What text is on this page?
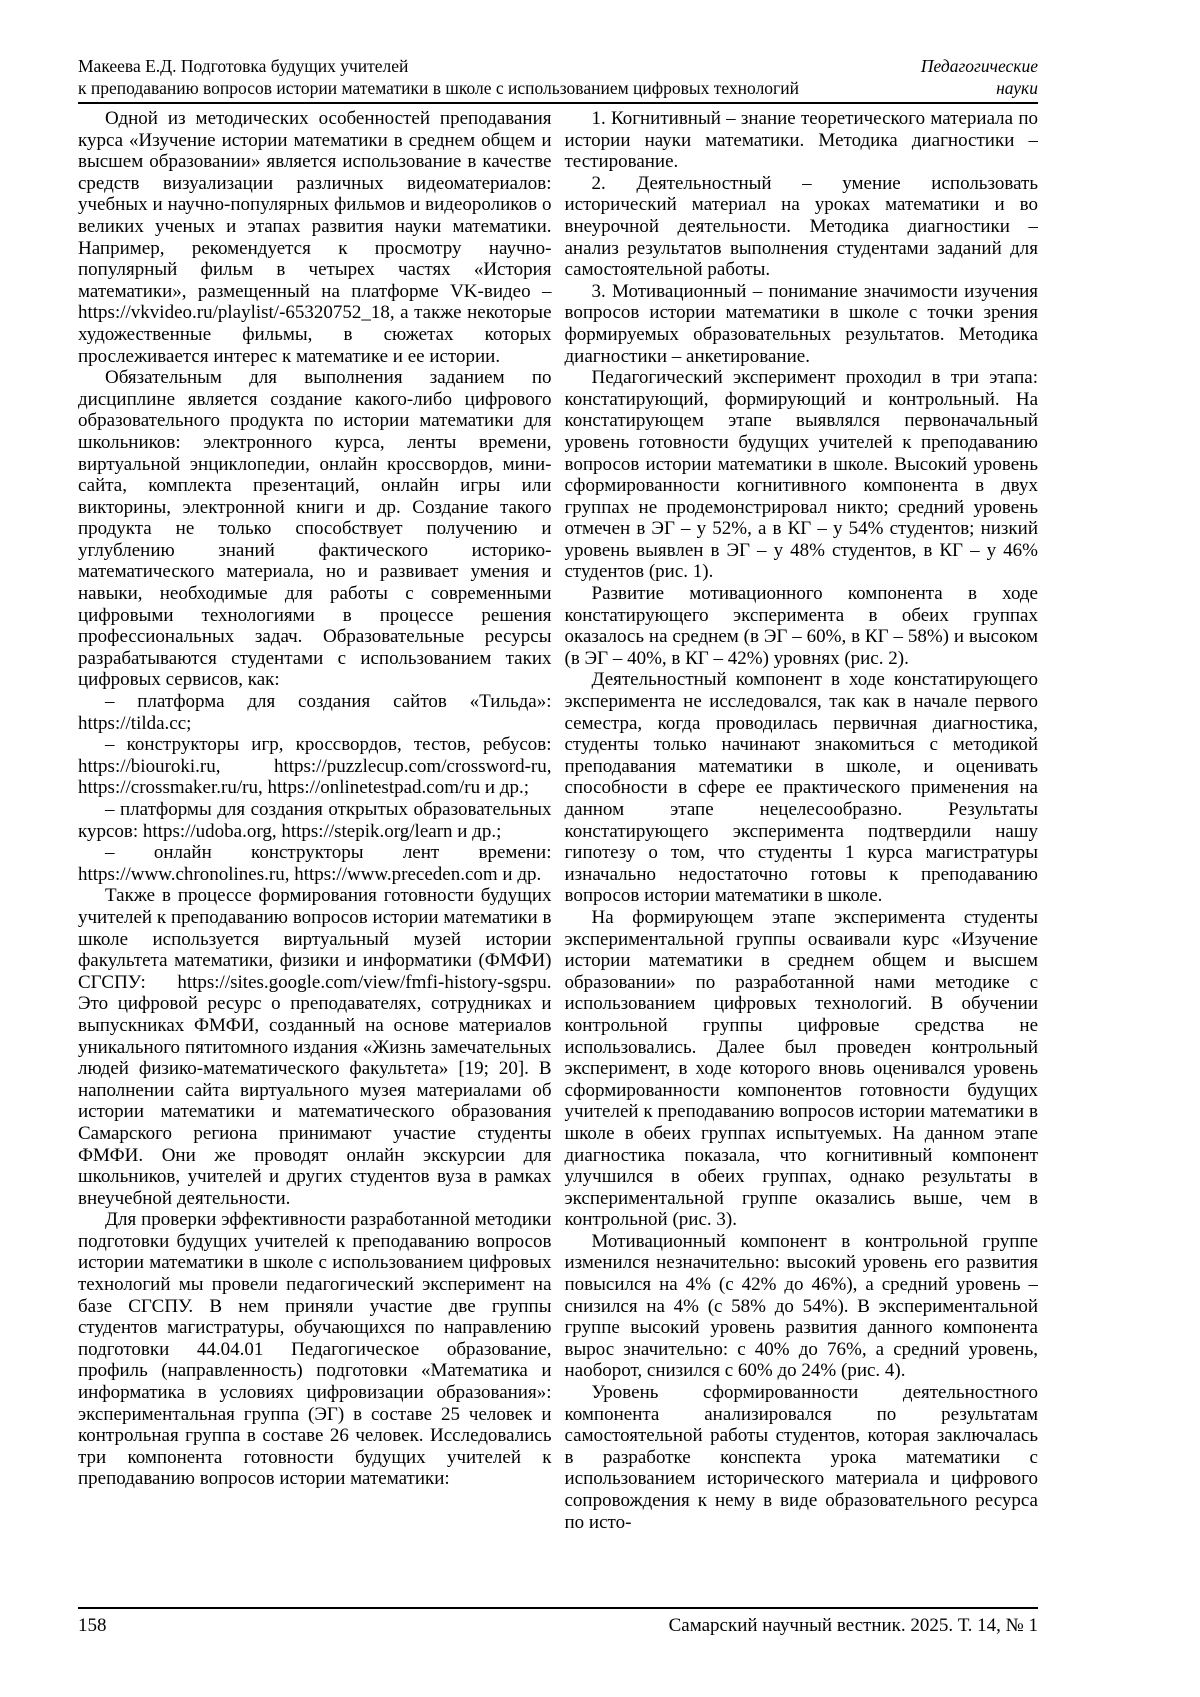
Макеева Е.Д. Подготовка будущих учителей
к преподаванию вопросов истории математики в школе с использованием цифровых технологий
Педагогические
науки

Одной из методических особенностей преподавания курса «Изучение истории математики в среднем общем и высшем образовании» является использование в качестве средств визуализации различных видеоматериалов: учебных и научно-популярных фильмов и видеороликов о великих ученых и этапах развития науки математики. Например, рекомендуется к просмотру научно-популярный фильм в четырех частях «История математики», размещенный на платформе VK-видео – https://vkvideo.ru/playlist/-65320752_18, а также некоторые художественные фильмы, в сюжетах которых прослеживается интерес к математике и ее истории.

Обязательным для выполнения заданием по дисциплине является создание какого-либо цифрового образовательного продукта по истории математики для школьников: электронного курса, ленты времени, виртуальной энциклопедии, онлайн кроссвордов, мини-сайта, комплекта презентаций, онлайн игры или викторины, электронной книги и др. Создание такого продукта не только способствует получению и углублению знаний фактического историко-математического материала, но и развивает умения и навыки, необходимые для работы с современными цифровыми технологиями в процессе решения профессиональных задач. Образовательные ресурсы разрабатываются студентами с использованием таких цифровых сервисов, как:

– платформа для создания сайтов «Тильда»: https://tilda.cc;

– конструкторы игр, кроссвордов, тестов, ребусов: https://biouroki.ru, https://puzzlecup.com/crossword-ru, https://crossmaker.ru/ru, https://onlinetestpad.com/ru и др.;

– платформы для создания открытых образовательных курсов: https://udoba.org, https://stepik.org/learn и др.;

– онлайн конструкторы лент времени: https://www.chronolines.ru, https://www.preceden.com и др.

Также в процессе формирования готовности будущих учителей к преподаванию вопросов истории математики в школе используется виртуальный музей истории факультета математики, физики и информатики (ФМФИ) СГСПУ: https://sites.google.com/view/fmfi-history-sgspu. Это цифровой ресурс о преподавателях, сотрудниках и выпускниках ФМФИ, созданный на основе материалов уникального пятитомного издания «Жизнь замечательных людей физико-математического факультета» [19; 20]. В наполнении сайта виртуального музея материалами об истории математики и математического образования Самарского региона принимают участие студенты ФМФИ. Они же проводят онлайн экскурсии для школьников, учителей и других студентов вуза в рамках внеучебной деятельности.

Для проверки эффективности разработанной методики подготовки будущих учителей к преподаванию вопросов истории математики в школе с использованием цифровых технологий мы провели педагогический эксперимент на базе СГСПУ. В нем приняли участие две группы студентов магистратуры, обучающихся по направлению подготовки 44.04.01 Педагогическое образование, профиль (направленность) подготовки «Математика и информатика в условиях цифровизации образования»: экспериментальная группа (ЭГ) в составе 25 человек и контрольная группа в составе 26 человек. Исследовались три компонента готовности будущих учителей к преподаванию вопросов истории математики:

1. Когнитивный – знание теоретического материала по истории науки математики. Методика диагностики – тестирование.

2. Деятельностный – умение использовать исторический материал на уроках математики и во внеурочной деятельности. Методика диагностики – анализ результатов выполнения студентами заданий для самостоятельной работы.

3. Мотивационный – понимание значимости изучения вопросов истории математики в школе с точки зрения формируемых образовательных результатов. Методика диагностики – анкетирование.

Педагогический эксперимент проходил в три этапа: констатирующий, формирующий и контрольный. На констатирующем этапе выявлялся первоначальный уровень готовности будущих учителей к преподаванию вопросов истории математики в школе. Высокий уровень сформированности когнитивного компонента в двух группах не продемонстрировал никто; средний уровень отмечен в ЭГ – у 52%, а в КГ – у 54% студентов; низкий уровень выявлен в ЭГ – у 48% студентов, в КГ – у 46% студентов (рис. 1).

Развитие мотивационного компонента в ходе констатирующего эксперимента в обеих группах оказалось на среднем (в ЭГ – 60%, в КГ – 58%) и высоком (в ЭГ – 40%, в КГ – 42%) уровнях (рис. 2).

Деятельностный компонент в ходе констатирующего эксперимента не исследовался, так как в начале первого семестра, когда проводилась первичная диагностика, студенты только начинают знакомиться с методикой преподавания математики в школе, и оценивать способности в сфере ее практического применения на данном этапе нецелесообразно. Результаты констатирующего эксперимента подтвердили нашу гипотезу о том, что студенты 1 курса магистратуры изначально недостаточно готовы к преподаванию вопросов истории математики в школе.

На формирующем этапе эксперимента студенты экспериментальной группы осваивали курс «Изучение истории математики в среднем общем и высшем образовании» по разработанной нами методике с использованием цифровых технологий. В обучении контрольной группы цифровые средства не использовались. Далее был проведен контрольный эксперимент, в ходе которого вновь оценивался уровень сформированности компонентов готовности будущих учителей к преподаванию вопросов истории математики в школе в обеих группах испытуемых. На данном этапе диагностика показала, что когнитивный компонент улучшился в обеих группах, однако результаты в экспериментальной группе оказались выше, чем в контрольной (рис. 3).

Мотивационный компонент в контрольной группе изменился незначительно: высокий уровень его развития повысился на 4% (с 42% до 46%), а средний уровень – снизился на 4% (с 58% до 54%). В экспериментальной группе высокий уровень развития данного компонента вырос значительно: с 40% до 76%, а средний уровень, наоборот, снизился с 60% до 24% (рис. 4).

Уровень сформированности деятельностного компонента анализировался по результатам самостоятельной работы студентов, которая заключалась в разработке конспекта урока математики с использованием исторического материала и цифрового сопровождения к нему в виде образовательного ресурса по исто-

158	Самарский научный вестник. 2025. Т. 14, № 1
